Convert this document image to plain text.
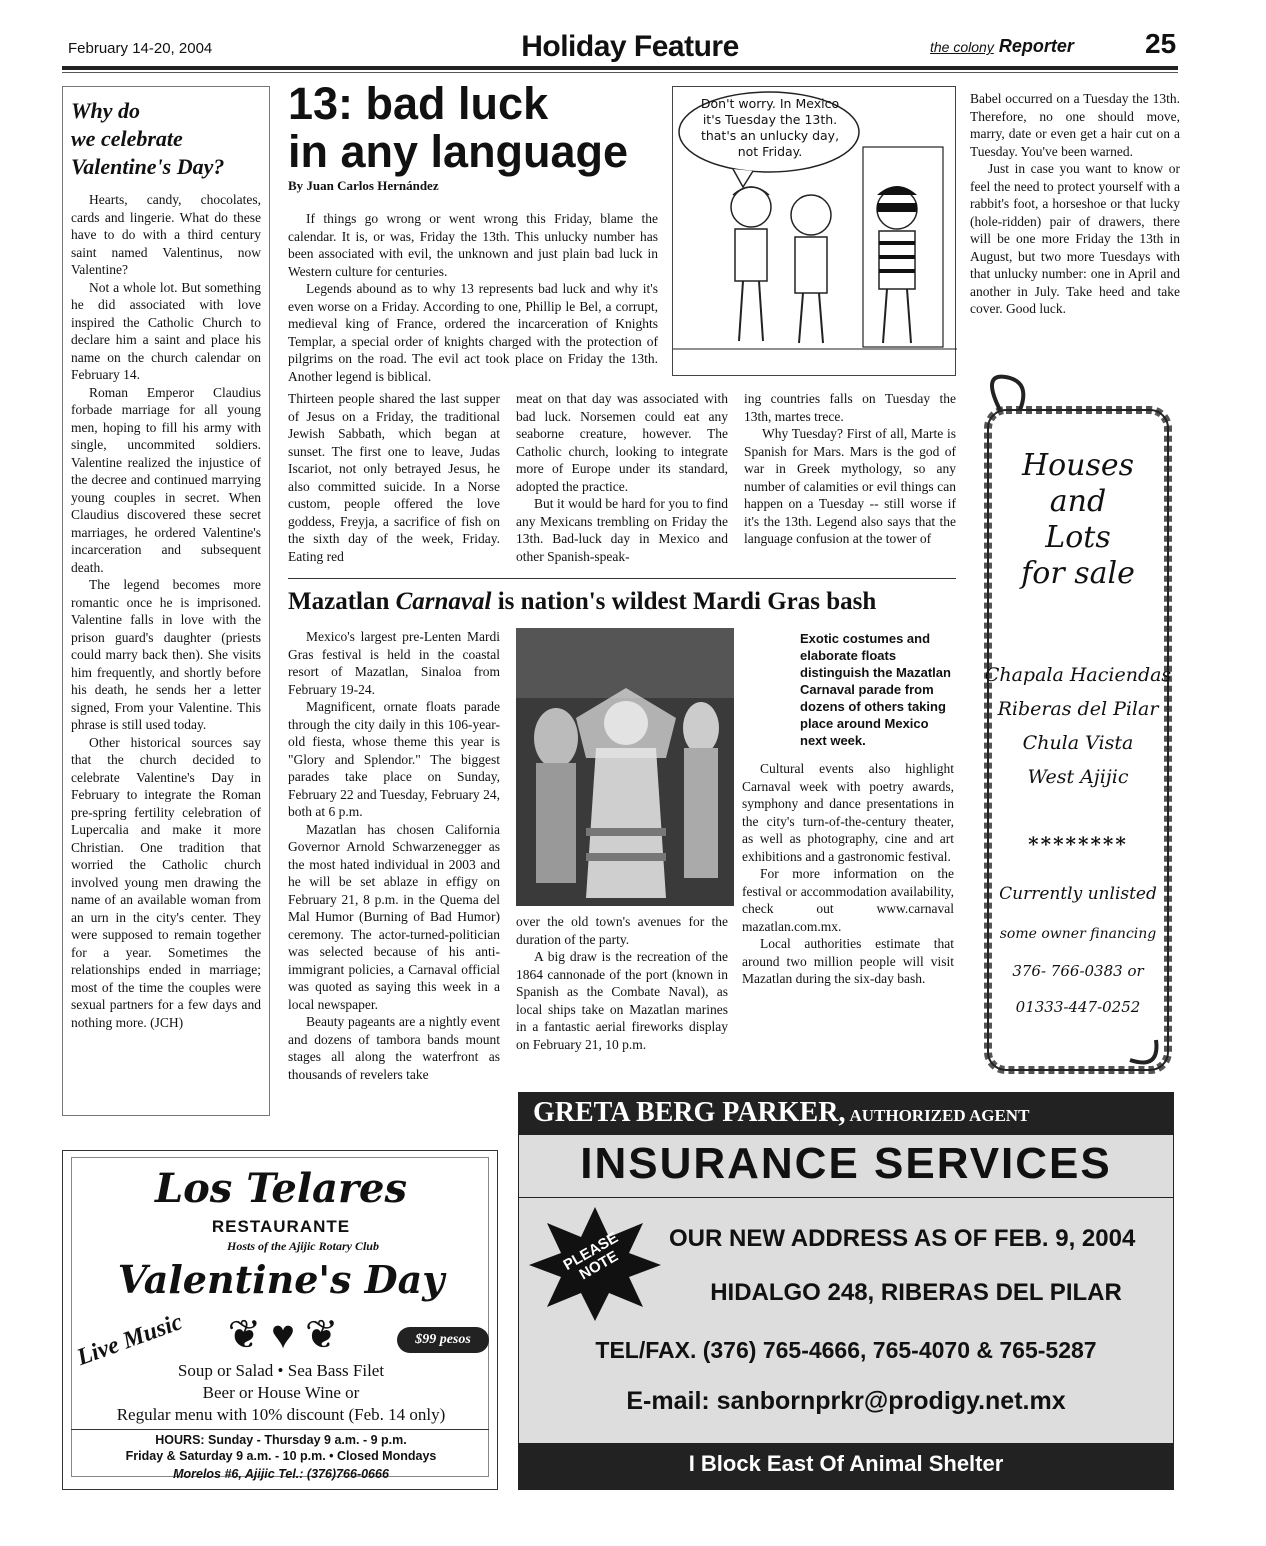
February 14-20, 2004	Holiday Feature	the colony Reporter	25
Why do
we celebrate
Valentine's Day?

Hearts, candy, chocolates, cards and lingerie. What do these have to do with a third century saint named Valentinus, now Valentine?

Not a whole lot. But something he did associated with love inspired the Catholic Church to declare him a saint and place his name on the church calendar on February 14.

Roman Emperor Claudius forbade marriage for all young men, hoping to fill his army with single, uncommited soldiers. Valentine realized the injustice of the decree and continued marrying young couples in secret. When Claudius discovered these secret marriages, he ordered Valentine's incarceration and subsequent death.

The legend becomes more romantic once he is imprisoned. Valentine falls in love with the prison guard's daughter (priests could marry back then). She visits him frequently, and shortly before his death, he sends her a letter signed, From your Valentine. This phrase is still used today.

Other historical sources say that the church decided to celebrate Valentine's Day in February to integrate the Roman pre-spring fertility celebration of Lupercalia and make it more Christian. One tradition that worried the Catholic church involved young men drawing the name of an available woman from an urn in the city's center. They were supposed to remain together for a year. Sometimes the relationships ended in marriage; most of the time the couples were sexual partners for a few days and nothing more. (JCH)

13: bad luck
in any language
By Juan Carlos Hernández

If things go wrong or went wrong this Friday, blame the calendar. It is, or was, Friday the 13th. This unlucky number has been associated with evil, the unknown and just plain bad luck in Western culture for centuries.

Legends abound as to why 13 represents bad luck and why it's even worse on a Friday. According to one, Phillip le Bel, a corrupt, medieval king of France, ordered the incarceration of Knights Templar, a special order of knights charged with the protection of pilgrims on the road. The evil act took place on Friday the 13th. Another legend is biblical.

Don't worry. In Mexico
it's Tuesday the 13th.
that's an unlucky day,
not Friday.

Thirteen people shared the last supper of Jesus on a Friday, the traditional Jewish Sabbath, which began at sunset. The first one to leave, Judas Iscariot, not only betrayed Jesus, he also committed suicide. In a Norse custom, people offered the love goddess, Freyja, a sacrifice of fish on the sixth day of the week, Friday. Eating red

meat on that day was associated with bad luck. Norsemen could eat any seaborne creature, however. The Catholic church, looking to integrate more of Europe under its standard, adopted the practice.

But it would be hard for you to find any Mexicans trembling on Friday the 13th. Bad-luck day in Mexico and other Spanish-speak-

ing countries falls on Tuesday the 13th, martes trece.

Why Tuesday? First of all, Marte is Spanish for Mars. Mars is the god of war in Greek mythology, so any number of calamities or evil things can happen on a Tuesday -- still worse if it's the 13th. Legend also says that the language confusion at the tower of

Babel occurred on a Tuesday the 13th. Therefore, no one should move, marry, date or even get a hair cut on a Tuesday. You've been warned.

Just in case you want to know or feel the need to protect yourself with a rabbit's foot, a horseshoe or that lucky (hole-ridden) pair of drawers, there will be one more Friday the 13th in August, but two more Tuesdays with that unlucky number: one in April and another in July. Take heed and take cover. Good luck.

Mazatlan Carnaval is nation's wildest Mardi Gras bash

Mexico's largest pre-Lenten Mardi Gras festival is held in the coastal resort of Mazatlan, Sinaloa from February 19-24.

Magnificent, ornate floats parade through the city daily in this 106-year-old fiesta, whose theme this year is "Glory and Splendor." The biggest parades take place on Sunday, February 22 and Tuesday, February 24, both at 6 p.m.

Mazatlan has chosen California Governor Arnold Schwarzenegger as the most hated individual in 2003 and he will be set ablaze in effigy on February 21, 8 p.m. in the Quema del Mal Humor (Burning of Bad Humor) ceremony. The actor-turned-politician was selected because of his anti-immigrant policies, a Carnaval official was quoted as saying this week in a local newspaper.

Beauty pageants are a nightly event and dozens of tambora bands mount stages all along the waterfront as thousands of revelers take

Exotic costumes and elaborate floats distinguish the Mazatlan Carnaval parade from dozens of others taking place around Mexico next week.

over the old town's avenues for the duration of the party.

A big draw is the recreation of the 1864 cannonade of the port (known in Spanish as the Combate Naval), as local ships take on Mazatlan marines in a fantastic aerial fireworks display on February 21, 10 p.m.

Cultural events also highlight Carnaval week with poetry awards, symphony and dance presentations in the city's turn-of-the-century theater, as well as photography, cine and art exhibitions and a gastronomic festival.

For more information on the festival or accommodation availability, check out www.carnaval mazatlan.com.mx.

Local authorities estimate that around two million people will visit Mazatlan during the six-day bash.

Houses
and
Lots
for sale
Chapala Haciendas
Riberas del Pilar
Chula Vista
West Ajijic
********
Currently unlisted
some owner financing
376- 766-0383 or
01333-447-0252
Los Telares
RESTAURANTE
Hosts of the Ajijic Rotary Club
Valentine's Day
Live Music	❦ ♥ ❦	$99 pesos
Soup or Salad • Sea Bass Filet
Beer or House Wine or
Regular menu with 10% discount (Feb. 14 only)
HOURS: Sunday - Thursday 9 a.m. - 9 p.m.
Friday & Saturday 9 a.m. - 10 p.m. • Closed Mondays
Morelos #6, Ajijic Tel.: (376)766-0666
GRETA BERG PARKER, AUTHORIZED AGENT
INSURANCE SERVICES
PLEASE NOTE
OUR NEW ADDRESS AS OF FEB. 9, 2004
HIDALGO 248, RIBERAS DEL PILAR
TEL/FAX. (376) 765-4666, 765-4070 & 765-5287
E-mail: sanbornprkr@prodigy.net.mx
I Block East Of Animal Shelter
